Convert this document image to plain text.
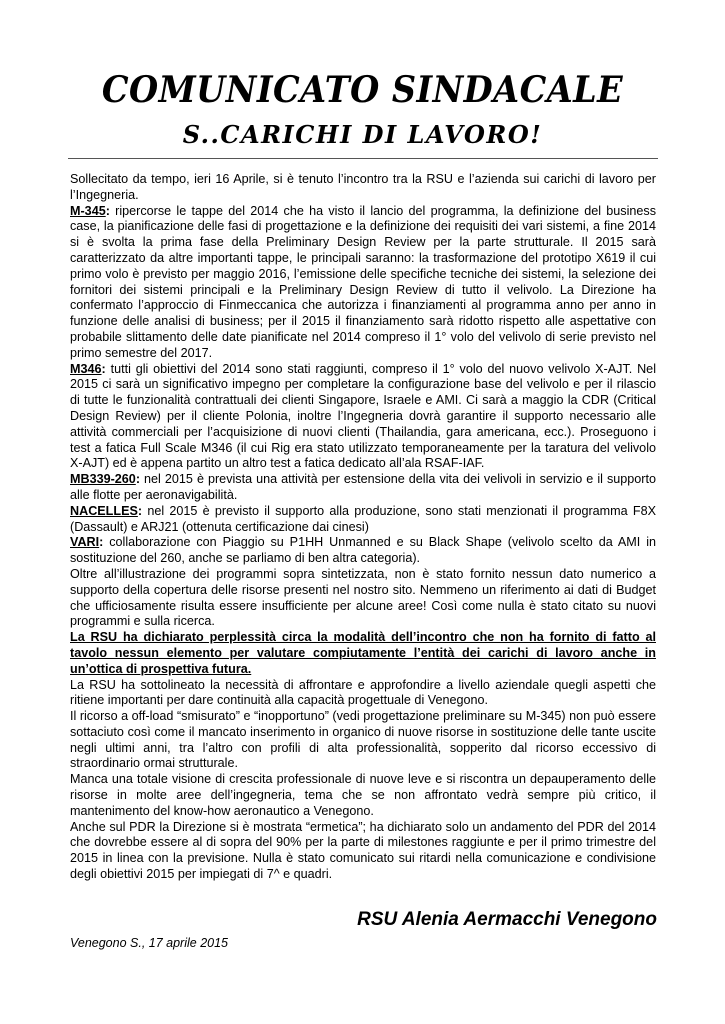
COMUNICATO SINDACALE
S..CARICHI DI LAVORO!

Sollecitato da tempo, ieri 16 Aprile, si è tenuto l’incontro tra la RSU e l’azienda sui carichi di lavoro per l’Ingegneria.

M-345: ripercorse le tappe del 2014 che ha visto il lancio del programma, la definizione del business case, la pianificazione delle fasi di progettazione e la definizione dei requisiti dei vari sistemi, a fine 2014 si è svolta la prima fase della Preliminary Design Review per la parte strutturale. Il 2015 sarà caratterizzato da altre importanti tappe, le principali saranno: la trasformazione del prototipo X619 il cui primo volo è previsto per maggio 2016, l’emissione delle specifiche tecniche dei sistemi, la selezione dei fornitori dei sistemi principali e la Preliminary Design Review di tutto il velivolo. La Direzione ha confermato l’approccio di Finmeccanica che autorizza i finanziamenti al programma anno per anno in funzione delle analisi di business; per il 2015 il finanziamento sarà ridotto rispetto alle aspettative con probabile slittamento delle date pianificate nel 2014 compreso il 1° volo del velivolo di serie previsto nel primo semestre del 2017.

M346: tutti gli obiettivi del 2014 sono stati raggiunti, compreso il 1° volo del nuovo velivolo X-AJT. Nel 2015 ci sarà un significativo impegno per completare la configurazione base del velivolo e per il rilascio di tutte le funzionalità contrattuali dei clienti Singapore, Israele e AMI. Ci sarà a maggio la CDR (Critical Design Review) per il cliente Polonia, inoltre l’Ingegneria dovrà garantire il supporto necessario alle attività commerciali per l’acquisizione di nuovi clienti (Thailandia, gara americana, ecc.). Proseguono i test a fatica Full Scale M346 (il cui Rig era stato utilizzato temporaneamente per la taratura del velivolo X-AJT) ed è appena partito un altro test a fatica dedicato all’ala RSAF-IAF.

MB339-260: nel 2015 è prevista una attività per estensione della vita dei velivoli in servizio e il supporto alle flotte per aeronavigabilità.

NACELLES: nel 2015 è previsto il supporto alla produzione, sono stati menzionati il programma F8X (Dassault) e ARJ21 (ottenuta certificazione dai cinesi)

VARI: collaborazione con Piaggio su P1HH Unmanned e su Black Shape (velivolo scelto da AMI in sostituzione del 260, anche se parliamo di ben altra categoria).

Oltre all’illustrazione dei programmi sopra sintetizzata, non è stato fornito nessun dato numerico a supporto della copertura delle risorse presenti nel nostro sito. Nemmeno un riferimento ai dati di Budget che ufficiosamente risulta essere insufficiente per alcune aree! Così come nulla è stato citato su nuovi programmi e sulla ricerca.

La RSU ha dichiarato perplessità circa la modalità dell’incontro che non ha fornito di fatto al tavolo nessun elemento per valutare compiutamente l’entità dei carichi di lavoro anche in un’ottica di prospettiva futura.

La RSU ha sottolineato la necessità di affrontare e approfondire a livello aziendale quegli aspetti che ritiene importanti per dare continuità alla capacità progettuale di Venegono.

Il ricorso a off-load “smisurato” e “inopportuno” (vedi progettazione preliminare su M-345) non può essere sottaciuto così come il mancato inserimento in organico di nuove risorse in sostituzione delle tante uscite negli ultimi anni, tra l’altro con profili di alta professionalità, sopperito dal ricorso eccessivo di straordinario ormai strutturale.

Manca una totale visione di crescita professionale di nuove leve e si riscontra un depauperamento delle risorse in molte aree dell’ingegneria, tema che se non affrontato vedrà sempre più critico, il mantenimento del know-how aeronautico a Venegono.

Anche sul PDR la Direzione si è mostrata “ermetica”; ha dichiarato solo un andamento del PDR del 2014 che dovrebbe essere al di sopra del 90% per la parte di milestones raggiunte e per il primo trimestre del 2015 in linea con la previsione. Nulla è stato comunicato sui ritardi nella comunicazione e condivisione degli obiettivi 2015 per impiegati di 7^ e quadri.

RSU Alenia Aermacchi Venegono
Venegono S., 17 aprile 2015
